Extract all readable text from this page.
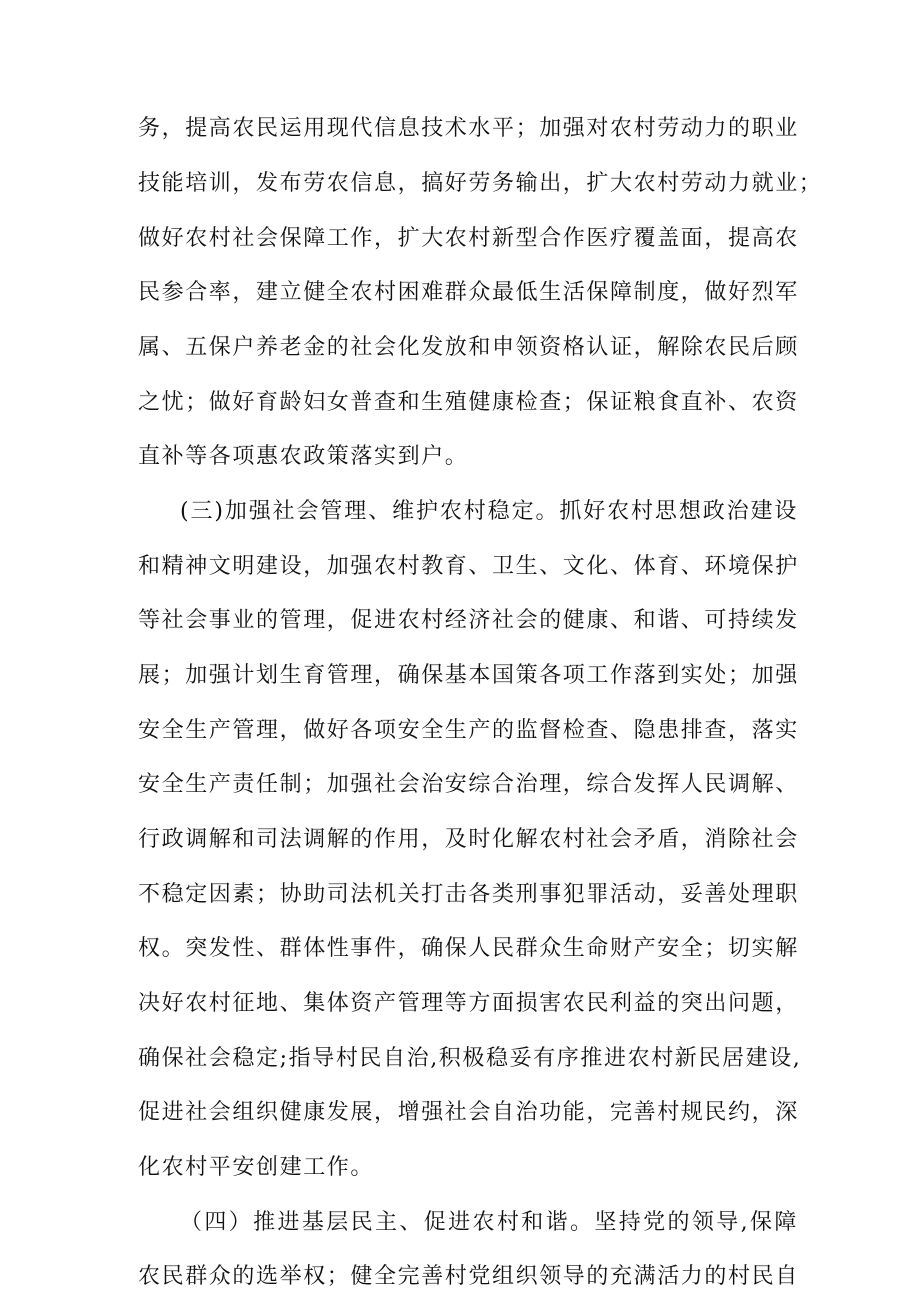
务，提高农民运用现代信息技术水平；加强对农村劳动力的职业
技能培训，发布劳农信息，搞好劳务输出，扩大农村劳动力就业；
做好农村社会保障工作，扩大农村新型合作医疗覆盖面，提高农
民参合率，建立健全农村困难群众最低生活保障制度，做好烈军
属、五保户养老金的社会化发放和申领资格认证，解除农民后顾
之忧；做好育龄妇女普查和生殖健康检查；保证粮食直补、农资
直补等各项惠农政策落实到户。
(三)加强社会管理、维护农村稳定。抓好农村思想政治建设
和精神文明建设，加强农村教育、卫生、文化、体育、环境保护
等社会事业的管理，促进农村经济社会的健康、和谐、可持续发
展；加强计划生育管理，确保基本国策各项工作落到实处；加强
安全生产管理，做好各项安全生产的监督检查、隐患排查，落实
安全生产责任制；加强社会治安综合治理，综合发挥人民调解、
行政调解和司法调解的作用，及时化解农村社会矛盾，消除社会
不稳定因素；协助司法机关打击各类刑事犯罪活动，妥善处理职
权。突发性、群体性事件，确保人民群众生命财产安全；切实解
决好农村征地、集体资产管理等方面损害农民利益的突出问题，
确保社会稳定;指导村民自治,积极稳妥有序推进农村新民居建设,
促进社会组织健康发展，增强社会自治功能，完善村规民约，深
化农村平安创建工作。
（四）推进基层民主、促进农村和谐。坚持党的领导,保障
农民群众的选举权；健全完善村党组织领导的充满活力的村民自
